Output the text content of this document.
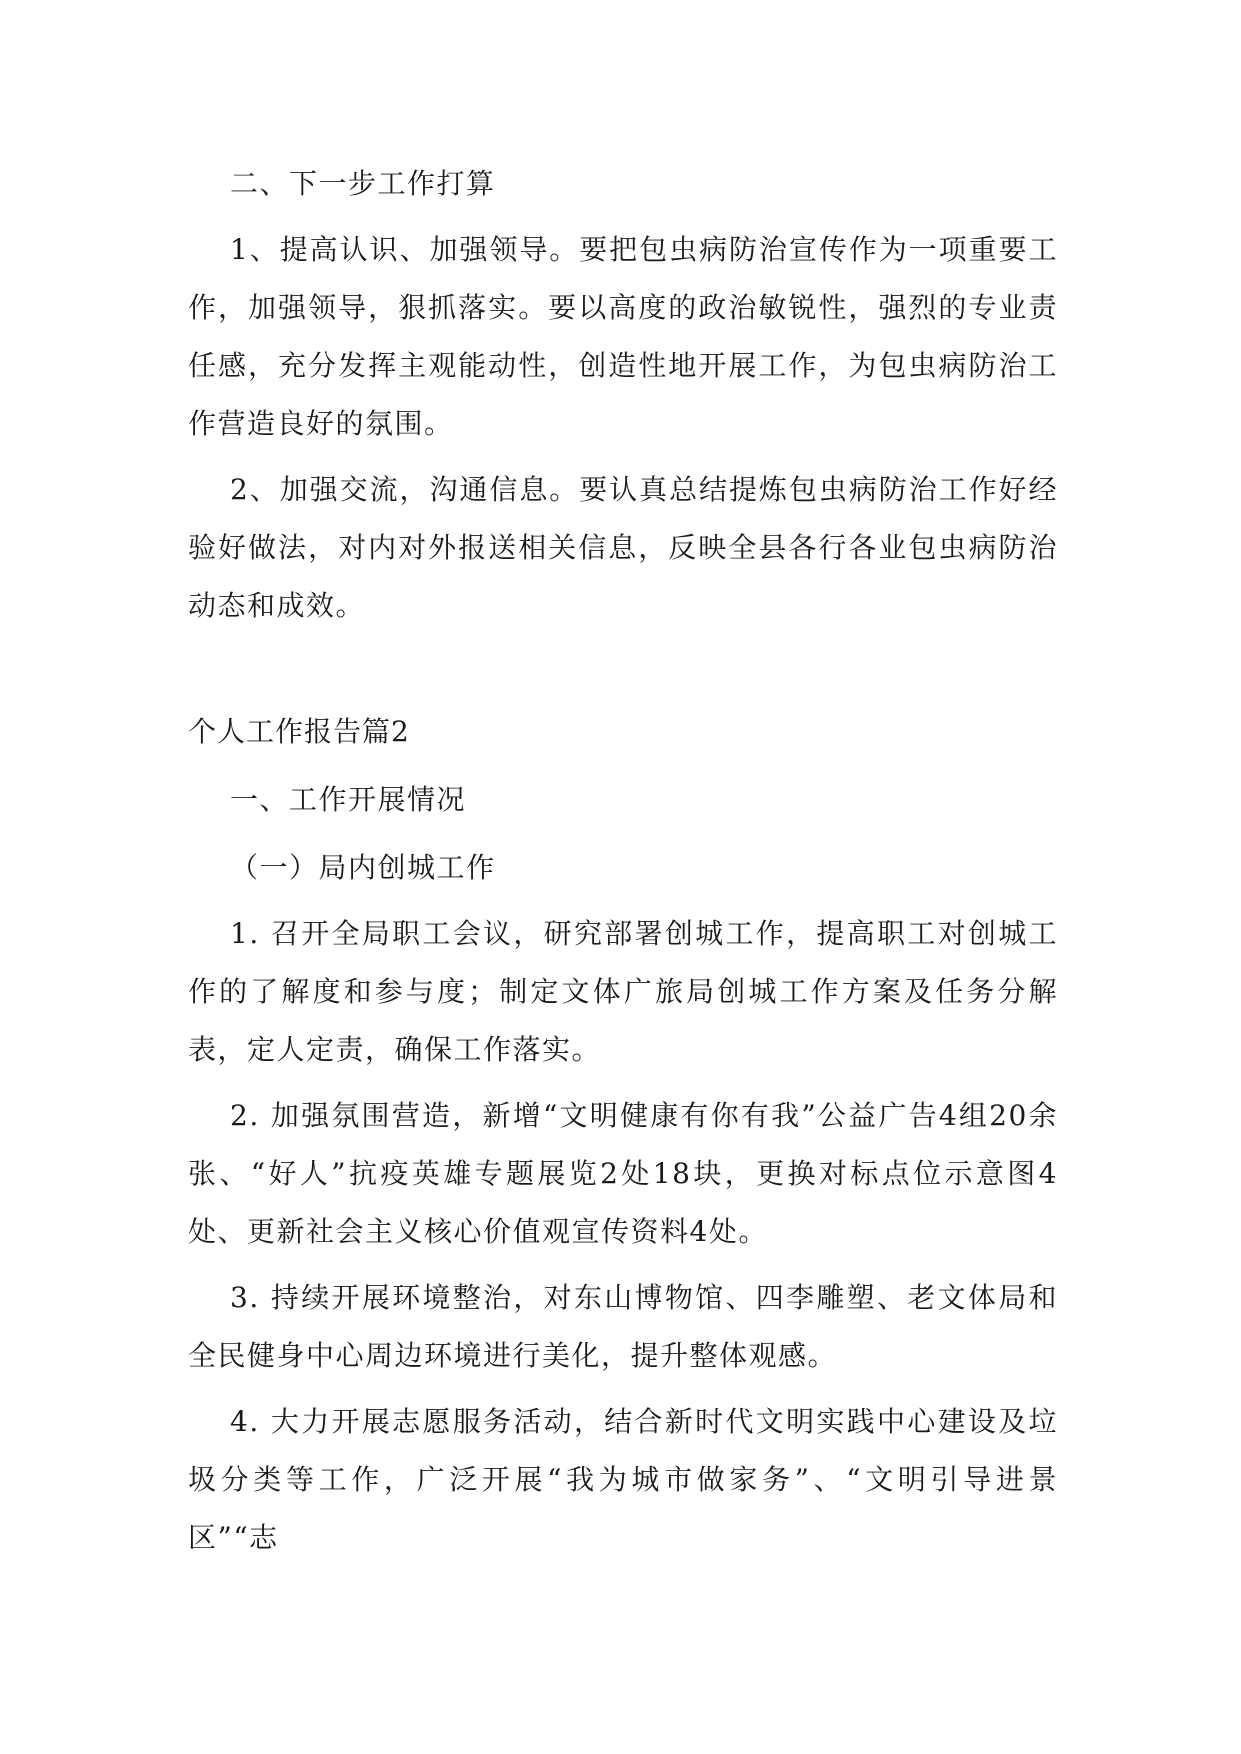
二、下一步工作打算

1、提高认识、加强领导。要把包虫病防治宣传作为一项重要工作，加强领导，狠抓落实。要以高度的政治敏锐性，强烈的专业责任感，充分发挥主观能动性，创造性地开展工作，为包虫病防治工作营造良好的氛围。

2、加强交流，沟通信息。要认真总结提炼包虫病防治工作好经验好做法，对内对外报送相关信息，反映全县各行各业包虫病防治动态和成效。

个人工作报告篇2

一、工作开展情况

（一）局内创城工作

1. 召开全局职工会议，研究部署创城工作，提高职工对创城工作的了解度和参与度；制定文体广旅局创城工作方案及任务分解表，定人定责，确保工作落实。

2. 加强氛围营造，新增“文明健康有你有我”公益广告4组20余张、“好人”抗疫英雄专题展览2处18块，更换对标点位示意图4处、更新社会主义核心价值观宣传资料4处。

3. 持续开展环境整治，对东山博物馆、四李雕塑、老文体局和全民健身中心周边环境进行美化，提升整体观感。

4. 大力开展志愿服务活动，结合新时代文明实践中心建设及垃圾分类等工作，广泛开展“我为城市做家务”、“文明引导进景区”“志
